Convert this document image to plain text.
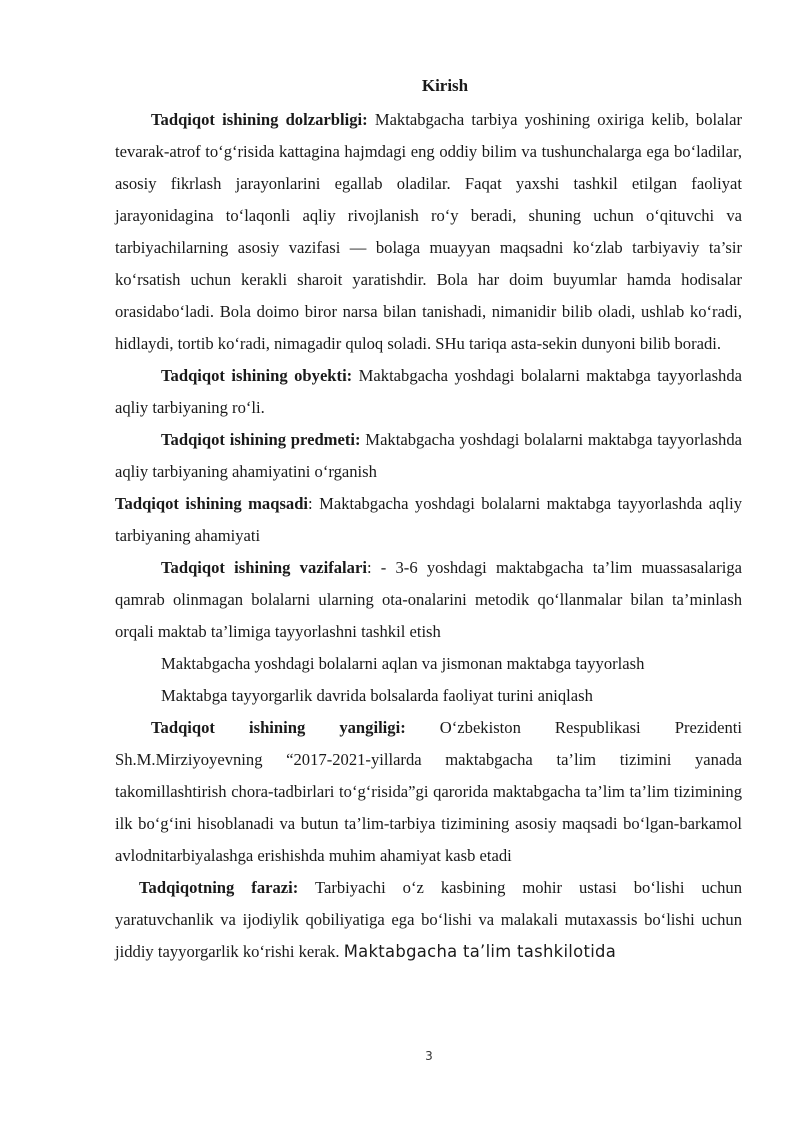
Kirish

Tadqiqot ishining dolzarbligi: Maktabgacha tarbiya yoshining oxiriga kelib, bolalar tevarak-atrof to‘g‘risida kattagina hajmdagi eng oddiy bilim va tushunchalarga ega bo‘ladilar, asosiy fikrlash jarayonlarini egallab oladilar. Faqat yaxshi tashkil etilgan faoliyat jarayonidagina to‘laqonli aqliy rivojlanish ro‘y beradi, shuning uchun o‘qituvchi va tarbiyachilarning asosiy vazifasi — bolaga muayyan maqsadni ko‘zlab tarbiyaviy ta’sir ko‘rsatish uchun kerakli sharoit yaratishdir. Bola har doim buyumlar hamda hodisalar orasidabo‘ladi. Bola doimo biror narsa bilan tanishadi, nimanidir bilib oladi, ushlab ko‘radi, hidlaydi, tortib ko‘radi, nimagadir quloq soladi. SHu tariqa asta-sekin dunyoni bilib boradi.

Tadqiqot ishining obyekti: Maktabgacha yoshdagi bolalarni maktabga tayyorlashda aqliy tarbiyaning ro‘li.

Tadqiqot ishining predmeti: Maktabgacha yoshdagi bolalarni maktabga tayyorlashda aqliy tarbiyaning ahamiyatini o‘rganish

Tadqiqot ishining maqsadi: Maktabgacha yoshdagi bolalarni maktabga tayyorlashda aqliy tarbiyaning ahamiyati

Tadqiqot ishining vazifalari: - 3-6 yoshdagi maktabgacha ta’lim muassasalariga qamrab olinmagan bolalarni ularning ota-onalarini metodik qo‘llanmalar bilan ta’minlash orqali maktab ta’limiga tayyorlashni tashkil etish

Maktabgacha yoshdagi bolalarni aqlan va jismonan maktabga tayyorlash

Maktabga tayyorgarlik davrida bolsalarda faoliyat turini aniqlash

Tadqiqot ishining yangiligi: O‘zbekiston Respublikasi Prezidenti Sh.M.Mirziyoyevning “2017-2021-yillarda maktabgacha ta’lim tizimini yanada takomillashtirish chora-tadbirlari to‘g‘risida”gi qarorida maktabgacha ta’lim ta’lim tizimining ilk bo‘g‘ini hisoblanadi va butun ta’lim-tarbiya tizimining asosiy maqsadi bo‘lgan-barkamol avlodnitarbiyalashga erishishda muhim ahamiyat kasb etadi

Tadqiqotning farazi: Tarbiyachi o‘z kasbining mohir ustasi bo‘lishi uchun yaratuvchanlik va ijodiylik qobiliyatiga ega bo‘lishi va malakali mutaxassis bo‘lishi uchun jiddiy tayyorgarlik ko‘rishi kerak. Maktabgacha ta’lim tashkilotida

3
